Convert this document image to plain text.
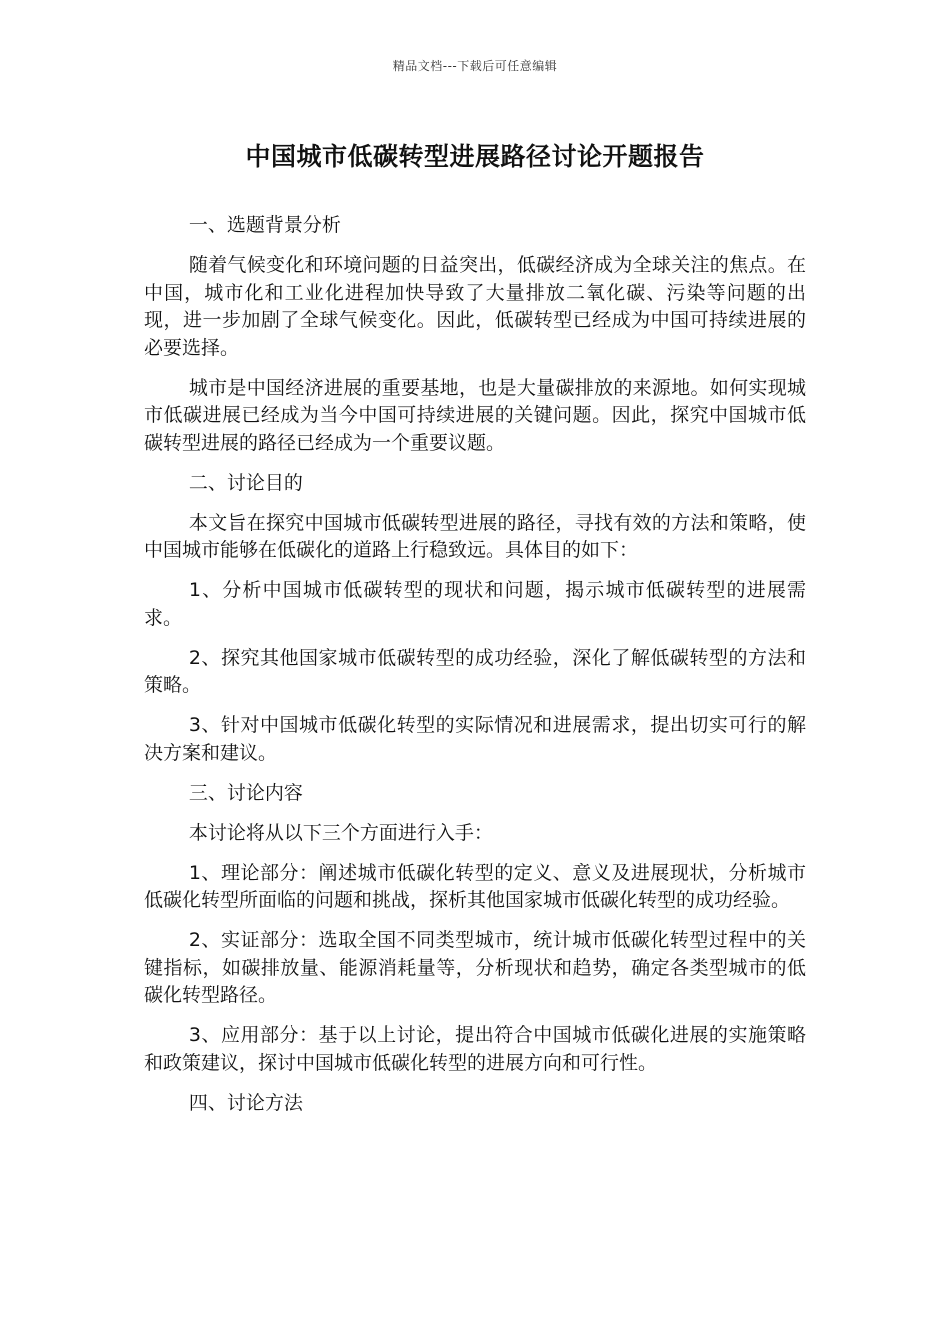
精品文档---下载后可任意编辑
中国城市低碳转型进展路径讨论开题报告

一、选题背景分析

随着气候变化和环境问题的日益突出，低碳经济成为全球关注的焦点。在中国，城市化和工业化进程加快导致了大量排放二氧化碳、污染等问题的出现，进一步加剧了全球气候变化。因此，低碳转型已经成为中国可持续进展的必要选择。

城市是中国经济进展的重要基地，也是大量碳排放的来源地。如何实现城市低碳进展已经成为当今中国可持续进展的关键问题。因此，探究中国城市低碳转型进展的路径已经成为一个重要议题。

二、讨论目的

本文旨在探究中国城市低碳转型进展的路径，寻找有效的方法和策略，使中国城市能够在低碳化的道路上行稳致远。具体目的如下：

1、分析中国城市低碳转型的现状和问题，揭示城市低碳转型的进展需求。

2、探究其他国家城市低碳转型的成功经验，深化了解低碳转型的方法和策略。

3、针对中国城市低碳化转型的实际情况和进展需求，提出切实可行的解决方案和建议。

三、讨论内容

本讨论将从以下三个方面进行入手：

1、理论部分：阐述城市低碳化转型的定义、意义及进展现状，分析城市低碳化转型所面临的问题和挑战，探析其他国家城市低碳化转型的成功经验。

2、实证部分：选取全国不同类型城市，统计城市低碳化转型过程中的关键指标，如碳排放量、能源消耗量等，分析现状和趋势，确定各类型城市的低碳化转型路径。

3、应用部分：基于以上讨论，提出符合中国城市低碳化进展的实施策略和政策建议，探讨中国城市低碳化转型的进展方向和可行性。

四、讨论方法
